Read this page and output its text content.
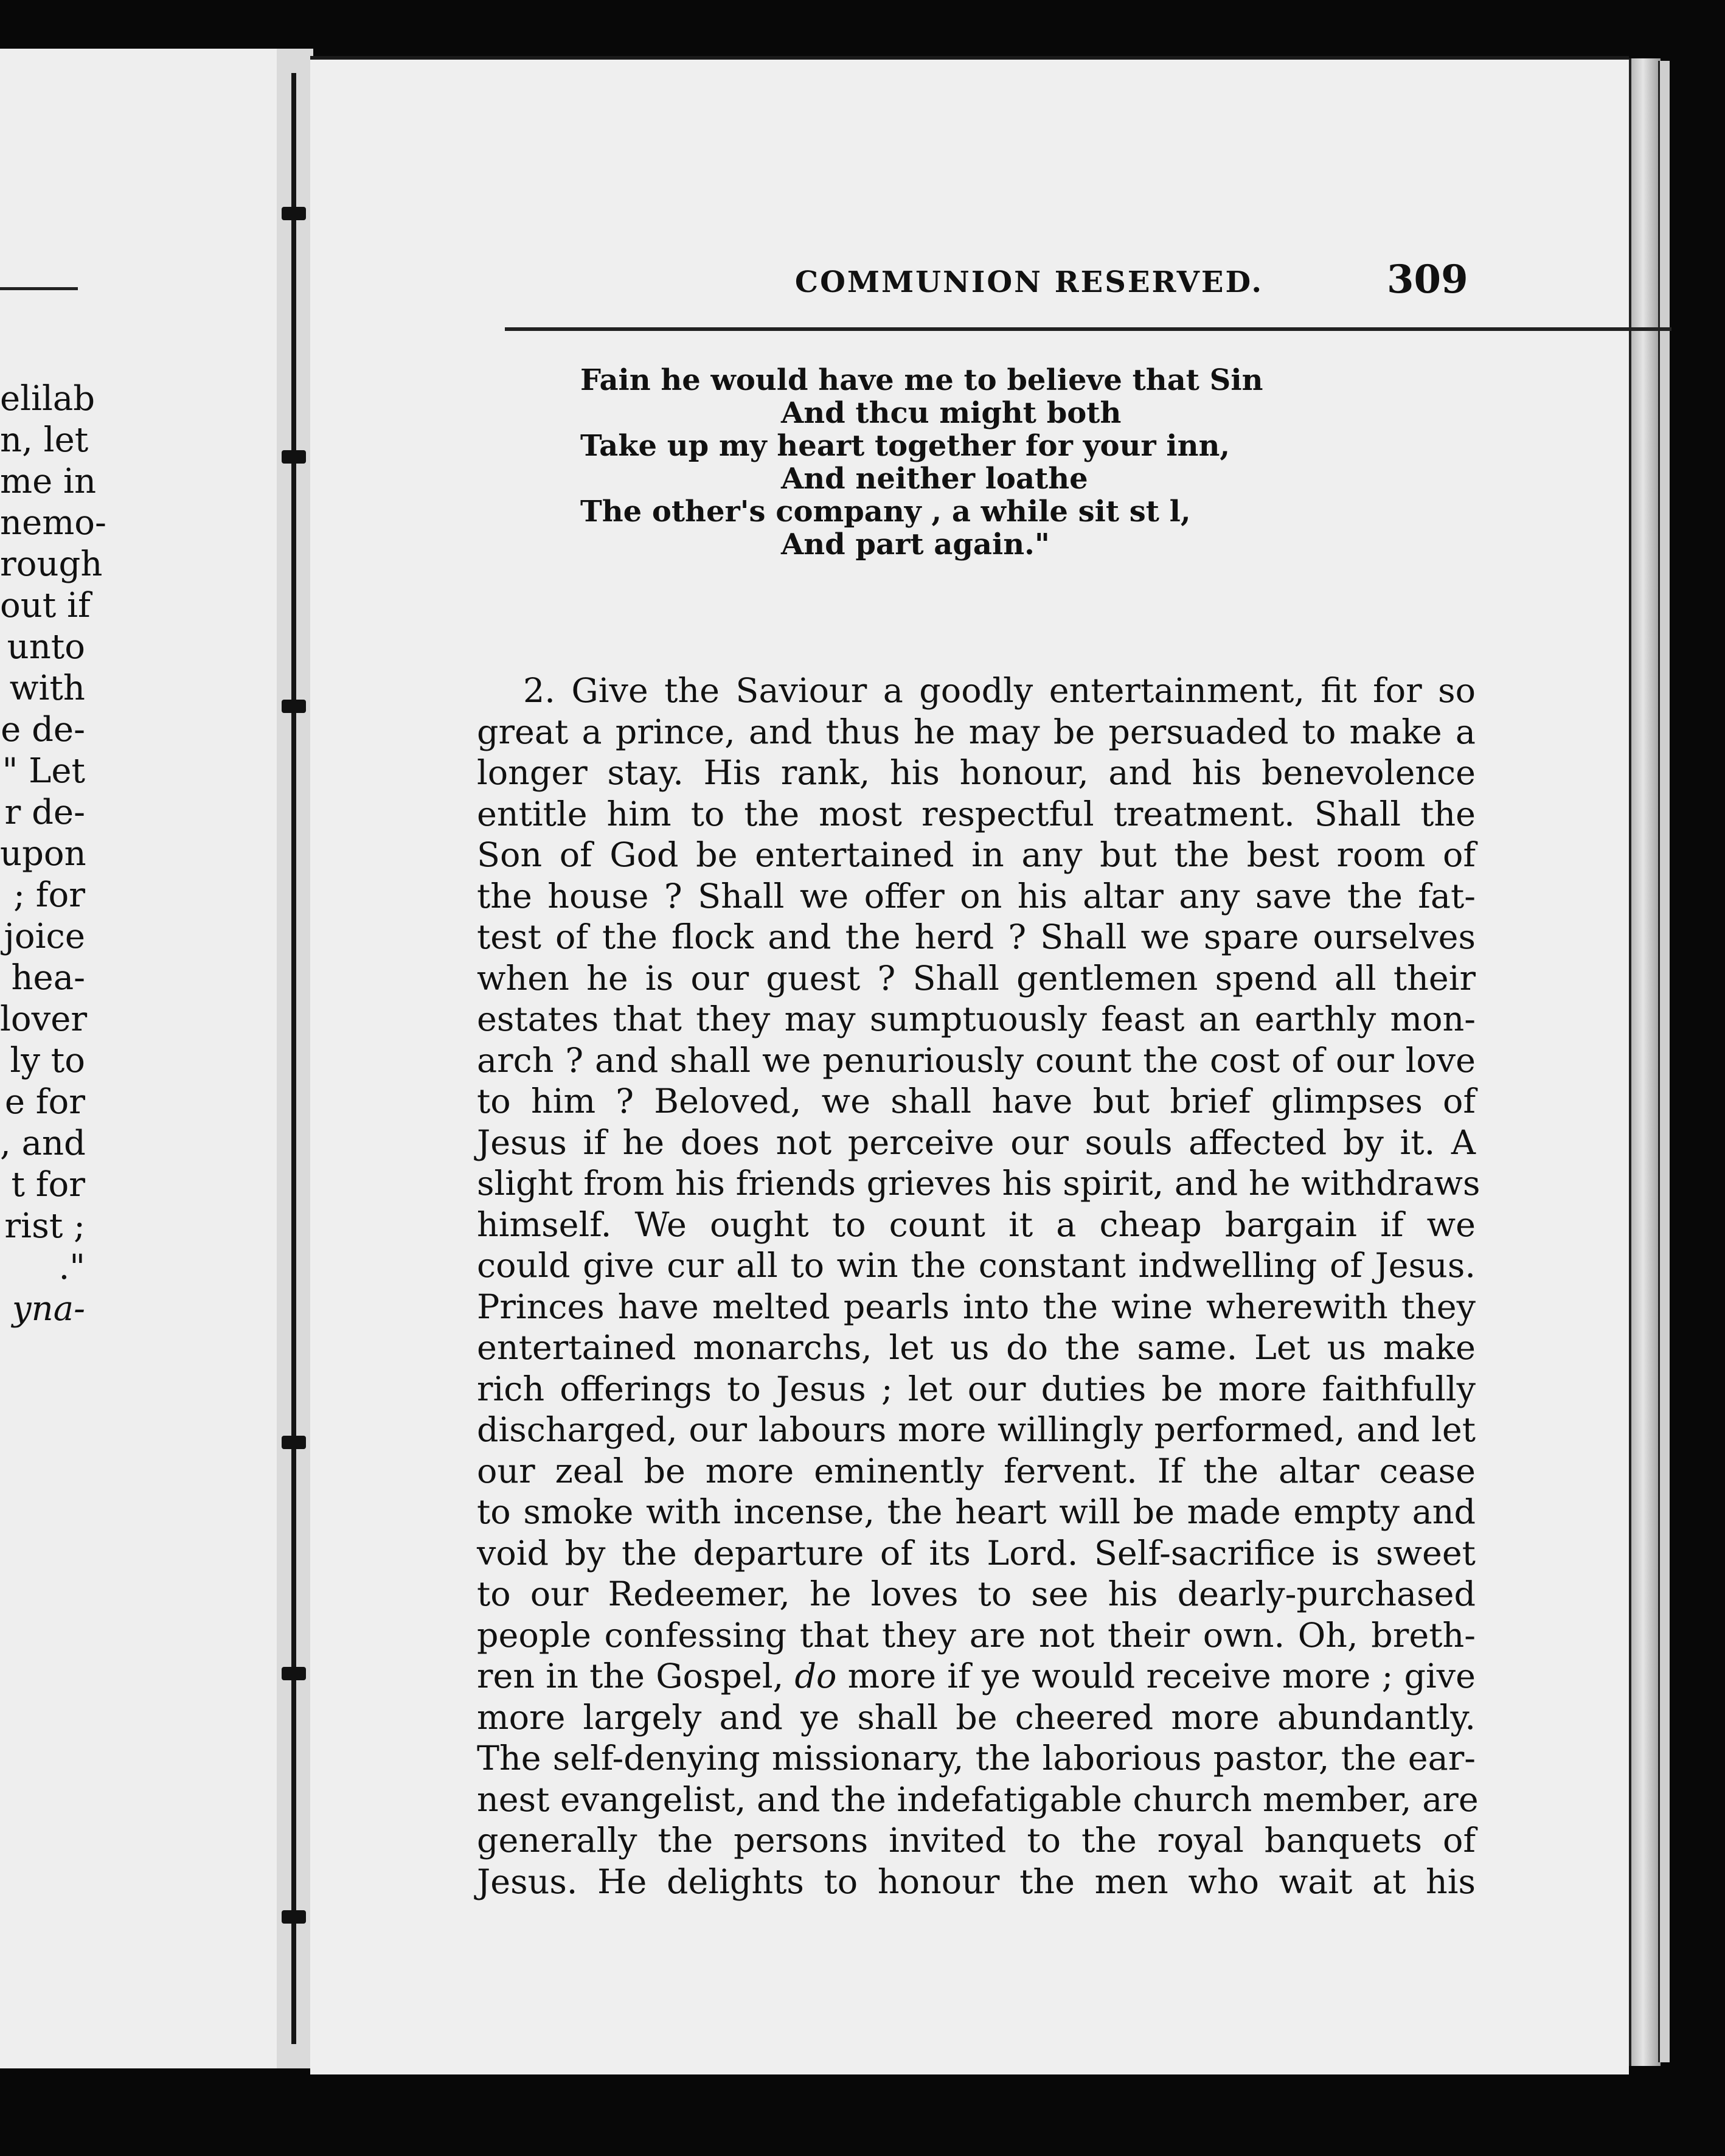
elilab
n, let
me in
nemo-
rough
out if
unto
with
e de-
" Let
r de-
upon
; for
joice
hea-
lover
ly to
e for
, and
t for
rist ;
."
yna-
COMMUNION RESERVED.	309
Fain he would have me to believe that Sin
And thcu might both
Take up my heart together for your inn,
And neither loathe
The other's company , a while sit st l,
And part again."
2. Give the Saviour a goodly entertainment, fit for so
great a prince, and thus he may be persuaded to make a
longer stay. His rank, his honour, and his benevolence
entitle him to the most respectful treatment. Shall the
Son of God be entertained in any but the best room of
the house ? Shall we offer on his altar any save the fat-
test of the flock and the herd ? Shall we spare ourselves
when he is our guest ? Shall gentlemen spend all their
estates that they may sumptuously feast an earthly mon-
arch ? and shall we penuriously count the cost of our love
to him ? Beloved, we shall have but brief glimpses of
Jesus if he does not perceive our souls affected by it. A
slight from his friends grieves his spirit, and he withdraws
himself. We ought to count it a cheap bargain if we
could give cur all to win the constant indwelling of Jesus.
Princes have melted pearls into the wine wherewith they
entertained monarchs, let us do the same. Let us make
rich offerings to Jesus ; let our duties be more faithfully
discharged, our labours more willingly performed, and let
our zeal be more eminently fervent. If the altar cease
to smoke with incense, the heart will be made empty and
void by the departure of its Lord. Self-sacrifice is sweet
to our Redeemer, he loves to see his dearly-purchased
people confessing that they are not their own. Oh, breth-
ren in the Gospel, do more if ye would receive more ; give
more largely and ye shall be cheered more abundantly.
The self-denying missionary, the laborious pastor, the ear-
nest evangelist, and the indefatigable church member, are
generally the persons invited to the royal banquets of
Jesus. He delights to honour the men who wait at his
